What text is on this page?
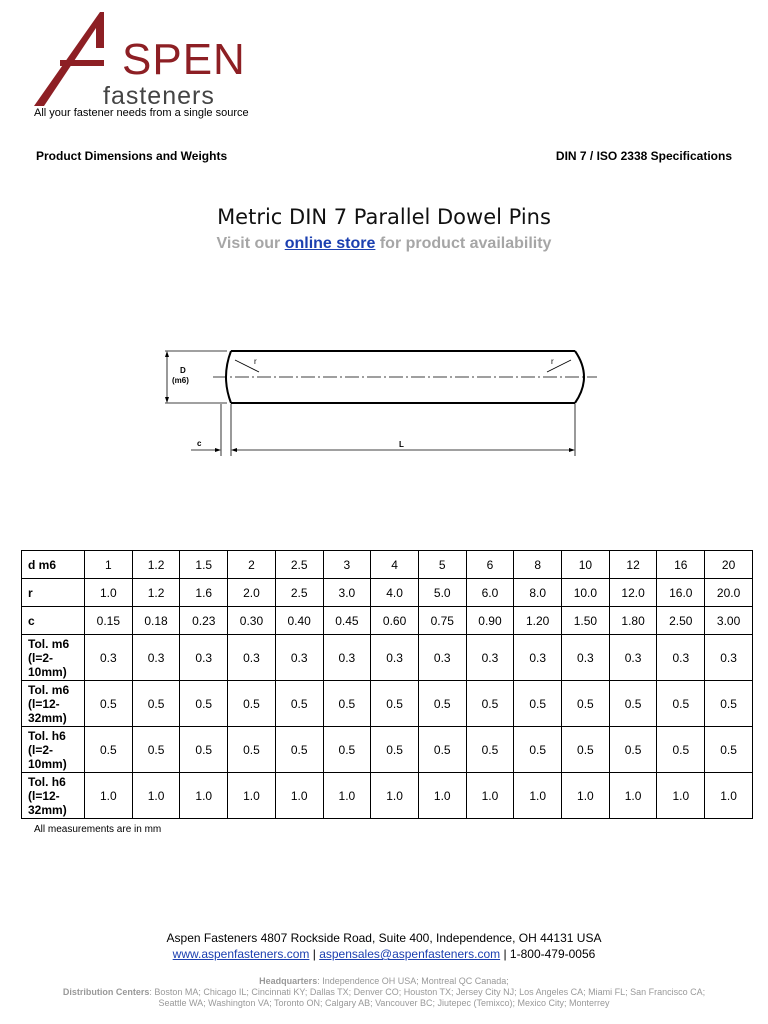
SPEN
fasteners
All your fastener needs from a single source
Product Dimensions and Weights	DIN 7 / ISO 2338 Specifications
Metric DIN 7 Parallel Dowel Pins
Visit our online store for product availability
D
(m6)
r	r
c	L
d m6	1	1.2	1.5	2	2.5	3	4	5	6	8	10	12	16	20
r	1.0	1.2	1.6	2.0	2.5	3.0	4.0	5.0	6.0	8.0	10.0	12.0	16.0	20.0
c	0.15	0.18	0.23	0.30	0.40	0.45	0.60	0.75	0.90	1.20	1.50	1.80	2.50	3.00
Tol. m6 (l=2-10mm)	0.3	0.3	0.3	0.3	0.3	0.3	0.3	0.3	0.3	0.3	0.3	0.3	0.3	0.3
Tol. m6 (l=12-32mm)	0.5	0.5	0.5	0.5	0.5	0.5	0.5	0.5	0.5	0.5	0.5	0.5	0.5	0.5
Tol. h6 (l=2-10mm)	0.5	0.5	0.5	0.5	0.5	0.5	0.5	0.5	0.5	0.5	0.5	0.5	0.5	0.5
Tol. h6 (l=12-32mm)	1.0	1.0	1.0	1.0	1.0	1.0	1.0	1.0	1.0	1.0	1.0	1.0	1.0	1.0
All measurements are in mm
Aspen Fasteners 4807 Rockside Road, Suite 400, Independence, OH 44131 USA
www.aspenfasteners.com | aspensales@aspenfasteners.com | 1-800-479-0056
Headquarters: Independence OH USA; Montreal QC Canada;
Distribution Centers: Boston MA; Chicago IL; Cincinnati KY; Dallas TX; Denver CO; Houston TX; Jersey City NJ; Los Angeles CA; Miami FL; San Francisco CA; Seattle WA; Washington VA; Toronto ON; Calgary AB; Vancouver BC; Jiutepec (Temixco); Mexico City; Monterrey
